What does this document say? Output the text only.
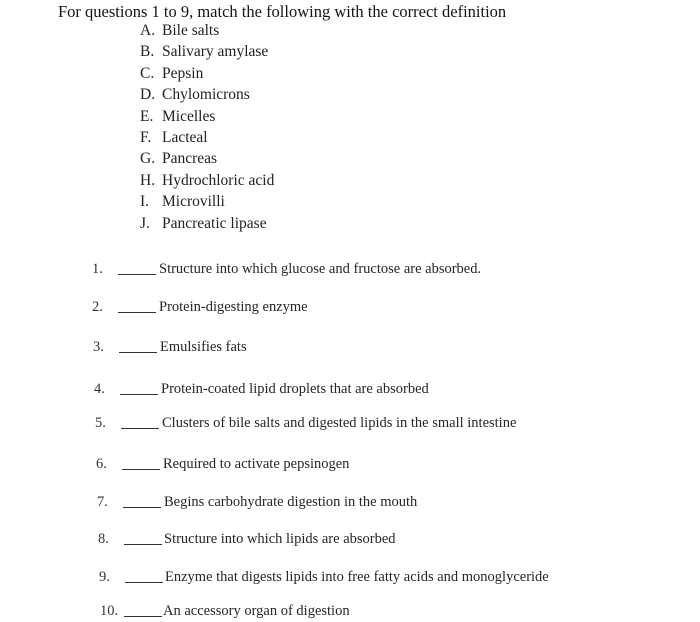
For questions 1 to 9, match the following with the correct definition
A. Bile salts
B. Salivary amylase
C. Pepsin
D. Chylomicrons
E. Micelles
F. Lacteal
G. Pancreas
H. Hydrochloric acid
I. Microvilli
J. Pancreatic lipase
1.	Structure into which glucose and fructose are absorbed.
2.	Protein-digesting enzyme
3.	Emulsifies fats
4.	Protein-coated lipid droplets that are absorbed
5.	Clusters of bile salts and digested lipids in the small intestine
6.	Required to activate pepsinogen
7.	Begins carbohydrate digestion in the mouth
8.	Structure into which lipids are absorbed
9.	Enzyme that digests lipids into free fatty acids and monoglyceride
10.	An accessory organ of digestion
